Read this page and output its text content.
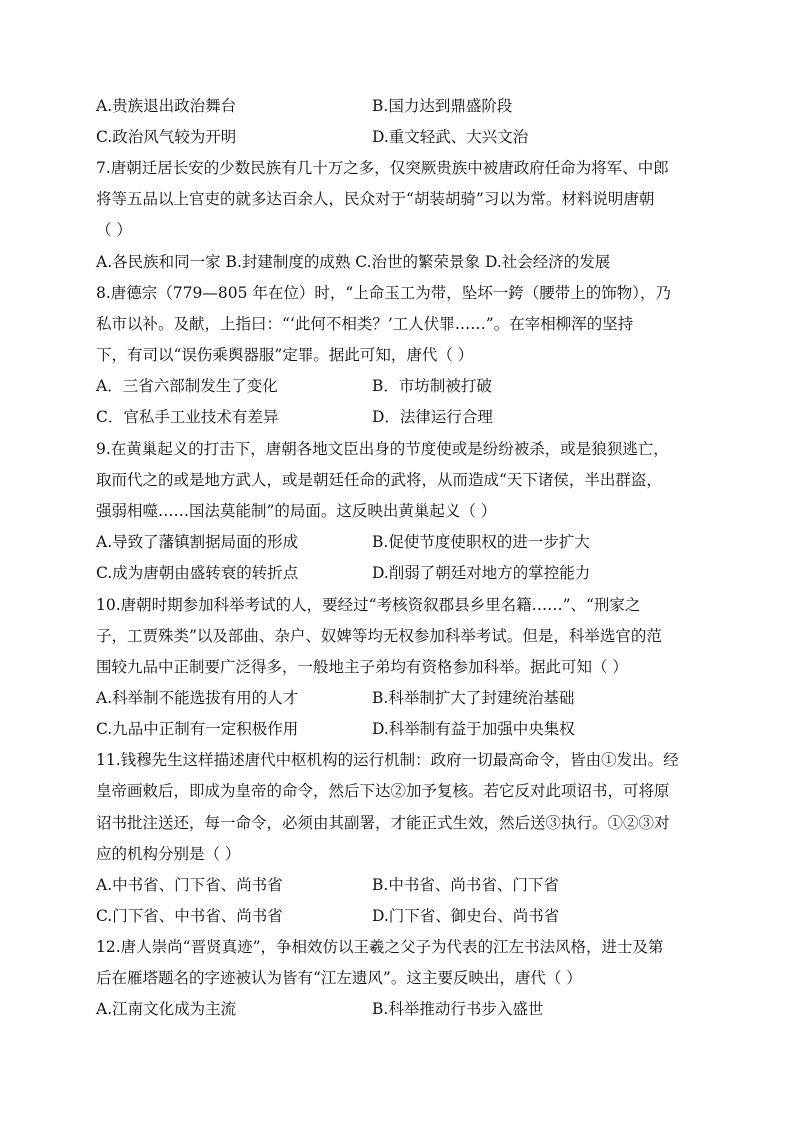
A.贵族退出政治舞台	B.国力达到鼎盛阶段
C.政治风气较为开明	D.重文轻武、大兴文治
7.唐朝迁居长安的少数民族有几十万之多，仅突厥贵族中被唐政府任命为将军、中郎
将等五品以上官吏的就多达百余人，民众对于“胡装胡骑”习以为常。材料说明唐朝
（ ）
A.各民族和同一家 B.封建制度的成熟 C.治世的繁荣景象 D.社会经济的发展
8.唐德宗（779—805 年在位）时，“上命玉工为带，坠坏一銙（腰带上的饰物），乃
私市以补。及献，上指曰：“‘此何不相类？’工人伏罪……”。在宰相柳浑的坚持
下，有司以“误伤乘舆器服”定罪。据此可知，唐代（ ）
A．三省六部制发生了变化	B．市坊制被打破
C．官私手工业技术有差异	D．法律运行合理
9.在黄巢起义的打击下，唐朝各地文臣出身的节度使或是纷纷被杀，或是狼狈逃亡，
取而代之的或是地方武人，或是朝廷任命的武将，从而造成“天下诸侯，半出群盗，
强弱相噬……国法莫能制”的局面。这反映出黄巢起义（ ）
A.导致了藩镇割据局面的形成	B.促使节度使职权的进一步扩大
C.成为唐朝由盛转衰的转折点	D.削弱了朝廷对地方的掌控能力
10.唐朝时期参加科举考试的人，要经过“考核资叙郡县乡里名籍……”、“刑家之
子，工贾殊类”以及部曲、杂户、奴婢等均无权参加科举考试。但是，科举选官的范
围较九品中正制要广泛得多，一般地主子弟均有资格参加科举。据此可知（ ）
A.科举制不能选拔有用的人才	B.科举制扩大了封建统治基础
C.九品中正制有一定积极作用	D.科举制有益于加强中央集权
11.钱穆先生这样描述唐代中枢机构的运行机制：政府一切最高命令，皆由①发出。经
皇帝画敕后，即成为皇帝的命令，然后下达②加予复核。若它反对此项诏书，可将原
诏书批注送还，每一命令，必须由其副署，才能正式生效，然后送③执行。①②③对
应的机构分别是（ ）
A.中书省、门下省、尚书省	B.中书省、尚书省、门下省
C.门下省、中书省、尚书省	D.门下省、御史台、尚书省
12.唐人崇尚“晋贤真迹”，争相效仿以王羲之父子为代表的江左书法风格，进士及第
后在雁塔题名的字迹被认为皆有“江左遗风”。这主要反映出，唐代（ ）
A.江南文化成为主流	B.科举推动行书步入盛世
